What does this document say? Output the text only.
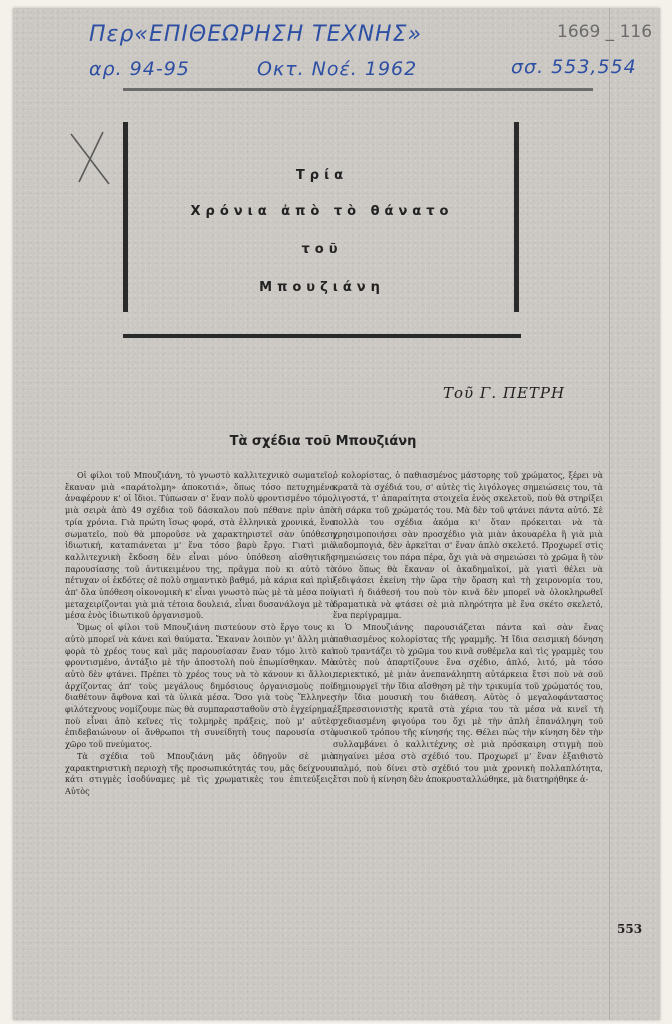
Περ«ΕΠΙΘΕΩΡΗΣΗ ΤΕΧΝΗΣ»
αρ. 94-95	Οκτ. Νοέ. 1962	σσ. 553,554
1669 _ 116
Τρία
Χρόνια ἀπὸ τὸ θάνατο
τοῦ
Μπουζιάνη
Τοῦ Γ. ΠΕΤΡΗ
Τὰ σχέδια τοῦ Μπουζιάνη

Οἱ φίλοι τοῦ Μπουζιάνη, τὸ γνωστὸ καλλιτεχνικὸ σωματεῖο, ἔκαναν μιὰ «παράτολμη» ἀποκοτιά», ὅπως τόσο πετυχημένα ἀναφέρουν κ' οἱ ἴδιοι. Τύπωσαν σ' ἕναν πολὺ φροντισμένο τόμο, μιὰ σειρὰ ἀπὸ 49 σχέδια τοῦ δάσκαλου ποὺ πέθανε πρὶν ἀπὸ τρία χρόνια. Γιὰ πρώτη ἴσως φορά, στὰ ἑλληνικὰ χρονικά, ἕνα σωματεῖο, ποὺ θὰ μποροῦσε νὰ χαρακτηριστεῖ σὰν ὑπόθεση ἰδιωτική, καταπιάνεται μ' ἕνα τόσο βαρὺ ἔργο. Γιατὶ μιὰ καλλιτεχνικὴ ἔκδοση δὲν εἶναι μόνο ὑπόθεση αἰσθητικῆς παρουσίασης τοῦ ἀντικειμένου της, πρᾶγμα ποὺ κι αὐτὸ τὸ πέτυχαν οἱ ἐκδότες σὲ πολὺ σημαντικὸ βαθμό, μὰ κάρια καὶ πρὶν ἀπ' ὅλα ὑπόθεση οἰκονομικὴ κ' εἶναι γνωστὸ πὼς μὲ τὰ μέσα ποὺ μεταχειρίζονται γιὰ μιὰ τέτοια δουλειά, εἶναι δυσανάλογα μὲ τὰ μέσα ἑνὸς ἰδιωτικοῦ ὀργανισμοῦ.

Ὅμως οἱ φίλοι τοῦ Μπουζιάνη πιστεύουν στὸ ἔργο τους κι αὐτὸ μπορεῖ νὰ κάνει καὶ θαύματα. Ἔκαναν λοιπὸν γι' ἄλλη μιὰ φορὰ τὸ χρέος τους καὶ μᾶς παρουσίασαν ἕναν τόμο λιτὸ καὶ φροντισμένο, ἀντάξιο μὲ τὴν ἀποστολὴ ποὺ ἐπωμίσθηκαν. Μὰ αὐτὸ δὲν φτάνει. Πρέπει τὸ χρέος τους νὰ τὸ κάνουν κι ἄλλοι, ἀρχίζοντας ἀπ' τοὺς μεγάλους δημόσιους ὀργανισμοὺς ποὺ διαθέτουν ἄφθονα καὶ τὰ ὑλικὰ μέσα. Ὅσο γιὰ τοὺς Ἕλληνες φιλότεχνους νομίζουμε πὼς θὰ συμπαρασταθοῦν στὸ ἐγχείρημα, ποὺ εἶναι ἀπὸ κεῖνες τὶς τολμηρὲς πράξεις, ποὺ μ' αὐτὲς ἐπιδεβαιώνουν οἱ ἄνθρωποι τὴ συνείδητὴ τους παρουσία στὸ χῶρο τοῦ πνεύματος.

Τὰ σχέδια τοῦ Μπουζιάνη μᾶς ὁδηγοῦν σὲ μιὰ χαρακτηριστικὴ περιοχὴ τῆς προσωπικότητάς του, μᾶς δείχνουν κάτι στιγμὲς ἰσοδύναμες μὲ τὶς χρωματικὲς του ἐπιτεύξεις. Αὐτὸς

ὁ κολορίστας, ὁ παθιασμένος μάστορης τοῦ χρώματος, ξέρει νὰ κρατᾶ τὰ σχέδιά του, σ' αὐτὲς τὶς λιγόλογες σημειώσεις του, τὰ λιγοστά, τ' ἀπαραίτητα στοιχεῖα ἑνὸς σκελετοῦ, ποὺ θὰ στηρίξει τὴ σάρκα τοῦ χρώματός του. Μὰ δὲν τοῦ φτάνει πάντα αὐτό. Σὲ πολλὰ του σχέδια ἀκόμα κι' ὅταν πρόκειται νὰ τὰ χρησιμοποιήσει σὰν προσχέδιο γιὰ μιὰν ἀκουαρέλα ἢ γιὰ μιὰ λαδομπογιά, δὲν ἀρκεῖται σ' ἕναν ἁπλὸ σκελετό. Προχωρεῖ στὶς σημειώσεις του πάρα πέρα, ὄχι γιὰ νὰ σημειώσει τὸ χρῶμα ἢ τὸν τόνο ὅπως θὰ ἔκαναν οἱ ἀκαδημαϊκοί, μὰ γιατὶ θέλει νὰ ξεδιψάσει ἐκείνη τὴν ὥρα τὴν ὅραση καὶ τὴ χειρονομία του, γιατὶ ἡ διάθεσή του ποὺ τὸν κινᾶ δὲν μπορεῖ νὰ ὁλοκληρωθεῖ δραματικὰ νὰ φτάσει σὲ μιὰ πληρότητα μὲ ἕνα σκέτο σκελετό, ἕνα περίγραμμα.

Ὁ Μπουζιάνης παρουσιάζεται πάντα καὶ σὰν ἕνας παθιασμένος κολορίστας τῆς γραμμῆς. Ἡ ἴδια σεισμικὴ δόνηση ποὺ τραντάζει τὸ χρῶμα του κινᾶ συθέμελα καὶ τὶς γραμμὲς του αὐτὲς ποὺ ἀπαρτίζουνε ἕνα σχέδιο, ἁπλό, λιτό, μὰ τόσο περιεκτικό, μὲ μιὰν ἀνεπανάληπτη αὐτάρκεια ἔτσι ποὺ νὰ σοῦ δημιουργεῖ τὴν ἴδια αἴσθηση μὲ τὴν τρικυμία τοῦ χρώματός του, τὴν ἴδια μουσικὴ του διάθεση. Αὐτὸς ὁ μεγαλοφάνταστος ἐξπρεσσιονιστὴς κρατᾶ στὰ χέρια του τὰ μέσα νὰ κινεῖ τὴ σχεδιασμένη φιγούρα του ὄχι μὲ τὴν ἁπλὴ ἐπανάληψη τοῦ φυσικοῦ τρόπου τῆς κίνησής της. Θέλει πὼς τὴν κίνηση δὲν τὴν συλλαμβάνει ὁ καλλιτέχνης σὲ μιὰ πρόσκαιρη στιγμὴ ποὺ πηγαίνει μέσα στὸ σχέδιό του. Προχωρεῖ μ' ἕναν ἐξαιθιστὸ παλμό, ποὺ δίνει στὸ σχέδιό του μιὰ χρονικὴ πολλαπλότητα, ἔτσι ποὺ ἡ κίνηση δὲν ἀποκρυσταλλώθηκε, μὰ διατηρήθηκε ἀ-

553
